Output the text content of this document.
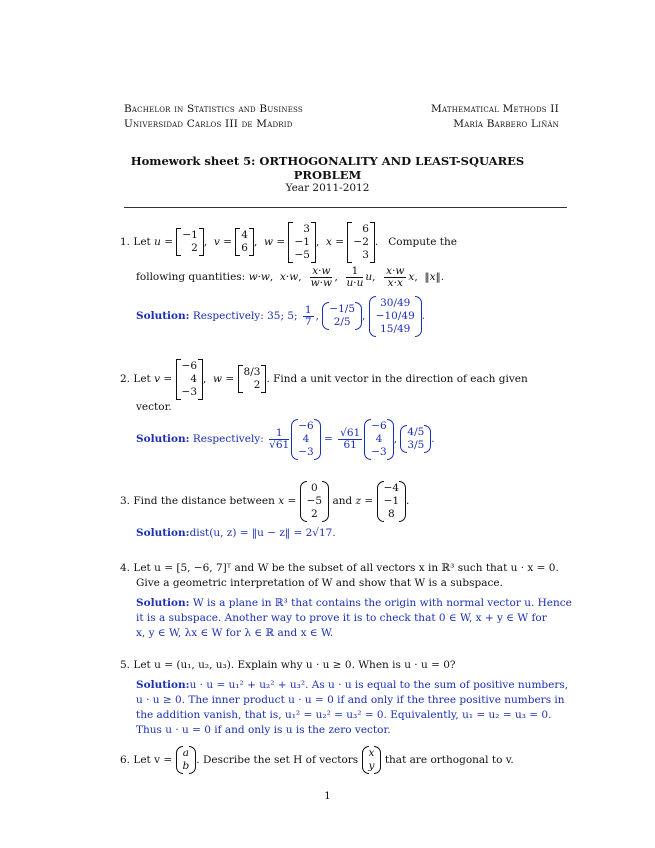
Bachelor in Statistics and Business
Universidad Carlos III de Madrid
Mathematical Methods II
María Barbero Liñán
Homework sheet 5: ORTHOGONALITY AND LEAST-SQUARES
PROBLEM
Year 2011-2012
1.
Let
u =
−1
2 , v =
4
6 , w =
3
−1
−5
, x =
6
−2
3
. Compute the
following quantities:
w · w , x · w , $\frac{x\cdot w}{w\cdot w}$ , $\frac{1}{u\cdot u}$ u , $\frac{x\cdot w}{x\cdot x}$ x ,  ‖ x ‖.
Solution:
Respectively: 35; 5;
$\frac{1}{7}$ ,
−1/5
2/5	,
30/49
−10/49
15/49
.
2.
Let
v =
−6
4
−3
, w =
8/3
2 . Find a unit vector in the direction of each given
vector.
Solution:
Respectively:
$\frac{1}{√61}$
−6
4
−3
= $\frac{√61}{61}$
−6
4
−3
,
4/5
3/5 .
3.
Find the distance between
x =
0
−5
2

and
z =
−4
−1
8
.
Solution:dist(u, z) = ‖u − z‖ = 2√17.
4. Let u = [5, −6, 7]ᵀ and W be the subset of all vectors x in ℝ³ such that u · x = 0.
Give a geometric interpretation of W and show that W is a subspace.
Solution: W is a plane in ℝ³ that contains the origin with normal vector u. Hence
it is a subspace. Another way to prove it is to check that 0 ∈ W, x + y ∈ W for
x, y ∈ W, λx ∈ W for λ ∈ ℝ and x ∈ W.
5. Let u = (u₁, u₂, u₃). Explain why u · u ≥ 0. When is u · u = 0?
Solution:u · u = u₁² + u₂² + u₃². As u · u is equal to the sum of positive numbers,
u · u ≥ 0. The inner product u · u = 0 if and only if the three positive numbers in
the addition vanish, that is, u₁² = u₂² = u₃² = 0. Equivalently, u₁ = u₂ = u₃ = 0.
Thus u · u = 0 if and only is u is the zero vector.
6.
Let v =

a
b . Describe the set H of vectors

x
y
that are orthogonal to v.
1
